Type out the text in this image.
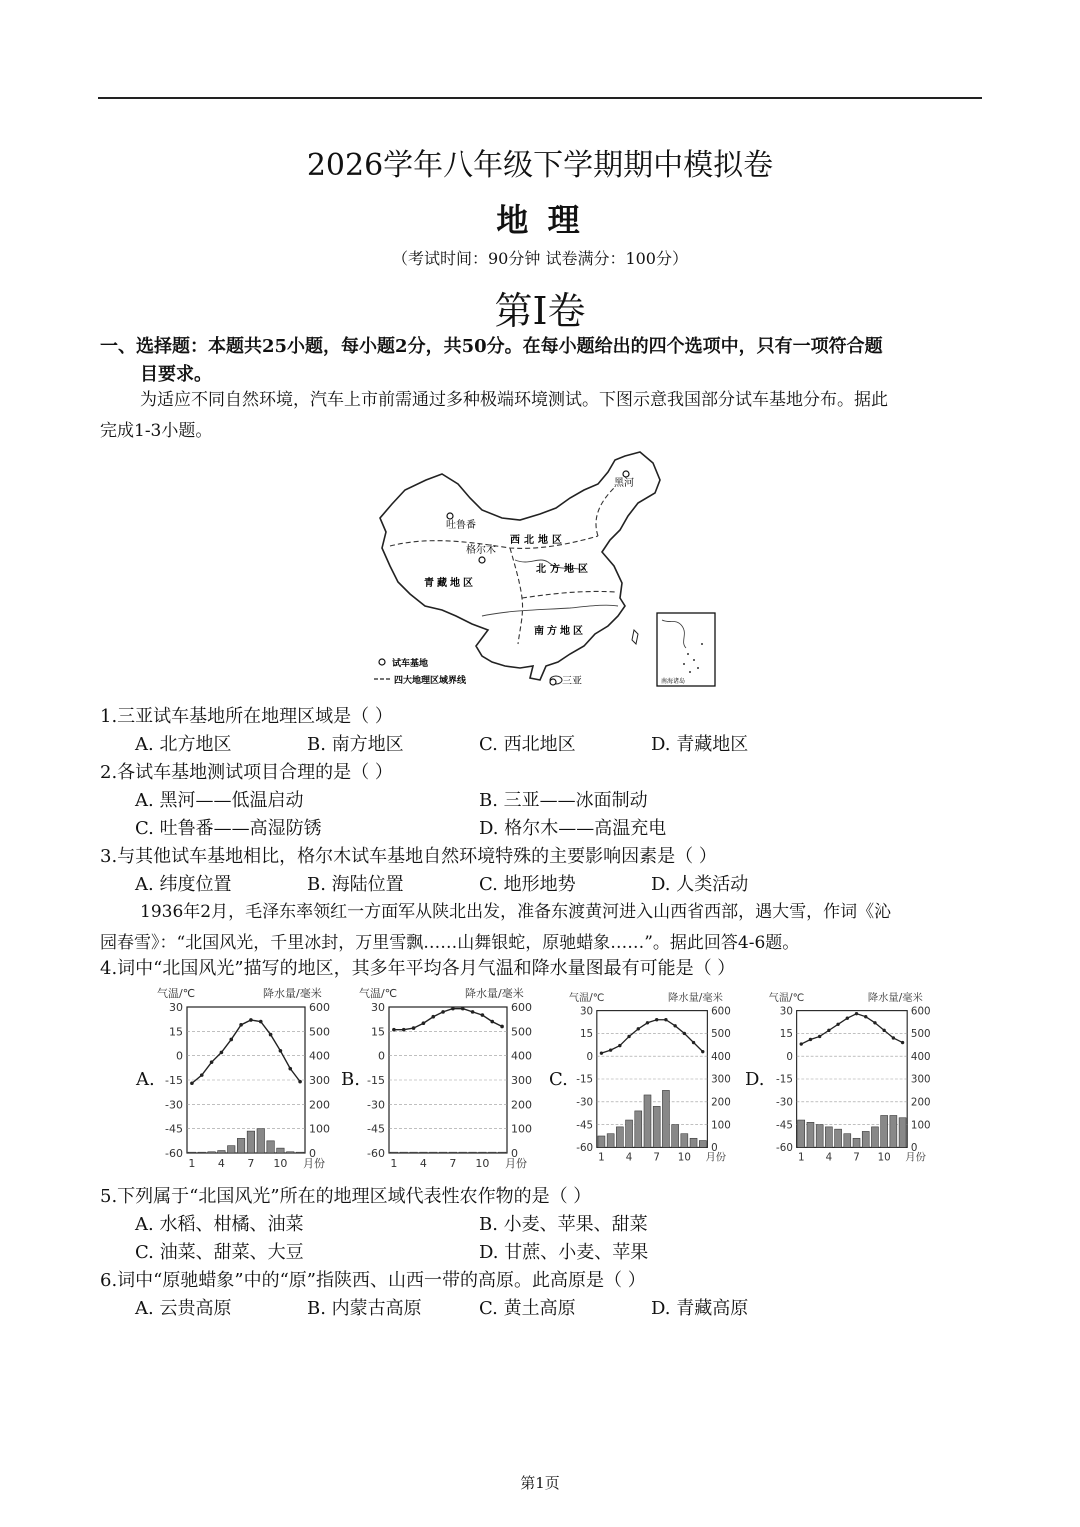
2026学年八年级下学期期中模拟卷
地 理
（考试时间：90分钟 试卷满分：100分）
第I卷
一、选择题：本题共25小题，每小题2分，共50分。在每小题给出的四个选项中，只有一项符合题
目要求。
为适应不同自然环境，汽车上市前需通过多种极端环境测试。下图示意我国部分试车基地分布。据此
完成1-3小题。
黑河
吐鲁番
格尔木
三亚
西北地区
北方地区
青藏地区
南方地区
试车基地
四大地理区域界线	南海诸岛
1.三亚试车基地所在地理区域是（ ）
A. 北方地区	B. 南方地区	C. 西北地区	D. 青藏地区
2.各试车基地测试项目合理的是（ ）
A. 黑河——低温启动	B. 三亚——冰面制动
C. 吐鲁番——高湿防锈	D. 格尔木——高温充电
3.与其他试车基地相比，格尔木试车基地自然环境特殊的主要影响因素是（ ）
A. 纬度位置	B. 海陆位置	C. 地形地势	D. 人类活动
1936年2月，毛泽东率领红一方面军从陕北出发，准备东渡黄河进入山西省西部，遇大雪，作词《沁
园春雪》：“北国风光，千里冰封，万里雪飘……山舞银蛇，原驰蜡象……”。据此回答4-6题。
4.词中“北国风光”描写的地区，其多年平均各月气温和降水量图最有可能是（ ）
A.	B.	C.	D.
气温/℃	降水量/毫米
30	600
15	500
0	400
-15	300
-30	200
-45	100
-60	0
1 4 7 10 月份
气温/℃	降水量/毫米
30	600
15	500
0	400
-15	300
-30	200
-45	100
-60	0
1 4 7 10 月份
气温/℃	降水量/毫米
30	600
15	500
0	400
-15	300
-30	200
-45	100
-60	0
1 4 7 10 月份
气温/℃	降水量/毫米
30	600
15	500
0	400
-15	300
-30	200
-45	100
-60	0
1 4 7 10 月份
5.下列属于“北国风光”所在的地理区域代表性农作物的是（ ）
A. 水稻、柑橘、油菜	B. 小麦、苹果、甜菜
C. 油菜、甜菜、大豆	D. 甘蔗、小麦、苹果
6.词中“原驰蜡象”中的“原”指陕西、山西一带的高原。此高原是（ ）
A. 云贵高原	B. 内蒙古高原	C. 黄土高原	D. 青藏高原
第1页
